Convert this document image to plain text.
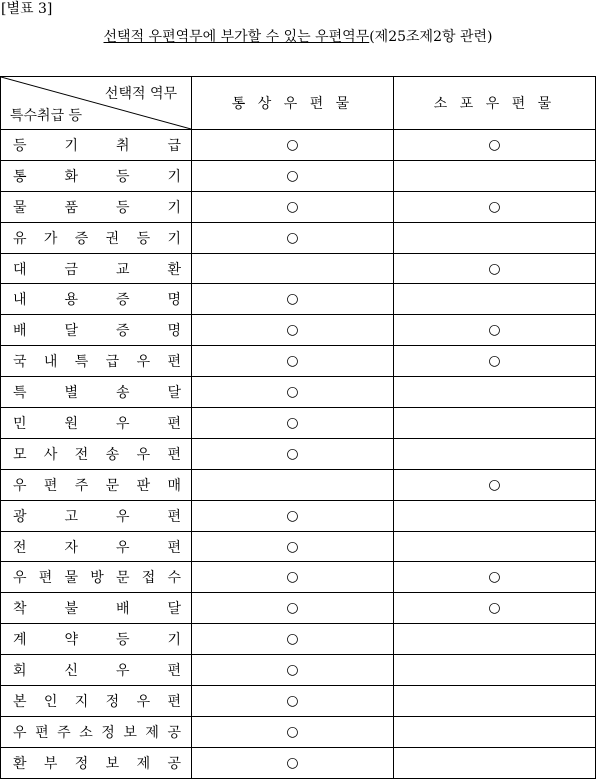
[별표 3]
선택적 우편역무에 부가할 수 있는 우편역무(제25조제2항 관련)
선택적 역무
특수취급 등	통 상 우 편 물	소 포 우 편 물

등 기 취 급	○	○

통 화 등 기	○	

물 품 등 기	○	○

유 가 증 권 등 기	○	

대 금 교 환		○

내 용 증 명	○	

배 달 증 명	○	○

국 내 특 급 우 편	○	○

특 별 송 달	○	

민 원 우 편	○	

모 사 전 송 우 편	○	

우 편 주 문 판 매		○

광 고 우 편	○	

전 자 우 편	○	

우 편 물 방 문 접 수	○	○

착 불 배 달	○	○

계 약 등 기	○	

회 신 우 편	○	

본 인 지 정 우 편	○	

우 편 주 소 정 보 제 공	○	

환 부 정 보 제 공	○	
